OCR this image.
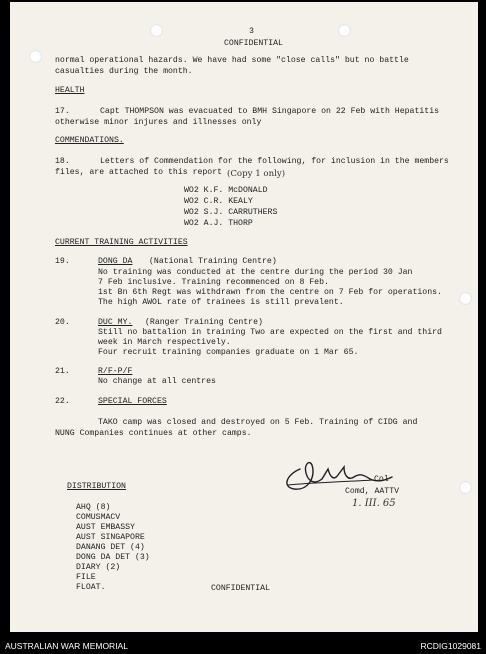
3
CONFIDENTIAL
normal operational hazards. We have had some "close calls" but no battle
casualties during the month.
HEALTH
17.	Capt THOMPSON was evacuated to BMH Singapore on 22 Feb with Hepatitis
otherwise minor injures and illnesses only
COMMENDATIONS.
18.	Letters of Commendation for the following, for inclusion in the members
files, are attached to this report (Copy 1 only)
WO2 K.F. McDONALD
WO2 C.R. KEALY
WO2 S.J. CARRUTHERS
WO2 A.J. THORP
CURRENT TRAINING ACTIVITIES
19.	DONG DA (National Training Centre)
No training was conducted at the centre during the period 30 Jan
7 Feb inclusive. Training recommenced on 8 Feb.
1st Bn 6th Regt was withdrawn from the centre on 7 Feb for operations.
The high AWOL rate of trainees is still prevalent.
20.	DUC MY. (Ranger Training Centre)
Still no battalion in training Two are expected on the first and third
week in March respectively.
Four recruit training companies graduate on 1 Mar 65.
21.	R/F-P/F
No change at all centres
22.	SPECIAL FORCES
TAKO camp was closed and destroyed on 5 Feb. Training of CIDG and
NUNG Companies continues at other camps.
Col
Comd, AATTV
1. III. 65
DISTRIBUTION
AHQ (8)
COMUSMACV
AUST EMBASSY
AUST SINGAPORE
DANANG DET (4)
DONG DA DET (3)
DIARY (2)
FILE
FLOAT.	CONFIDENTIAL
AUSTRALIAN WAR MEMORIAL	RCDIG1029081
